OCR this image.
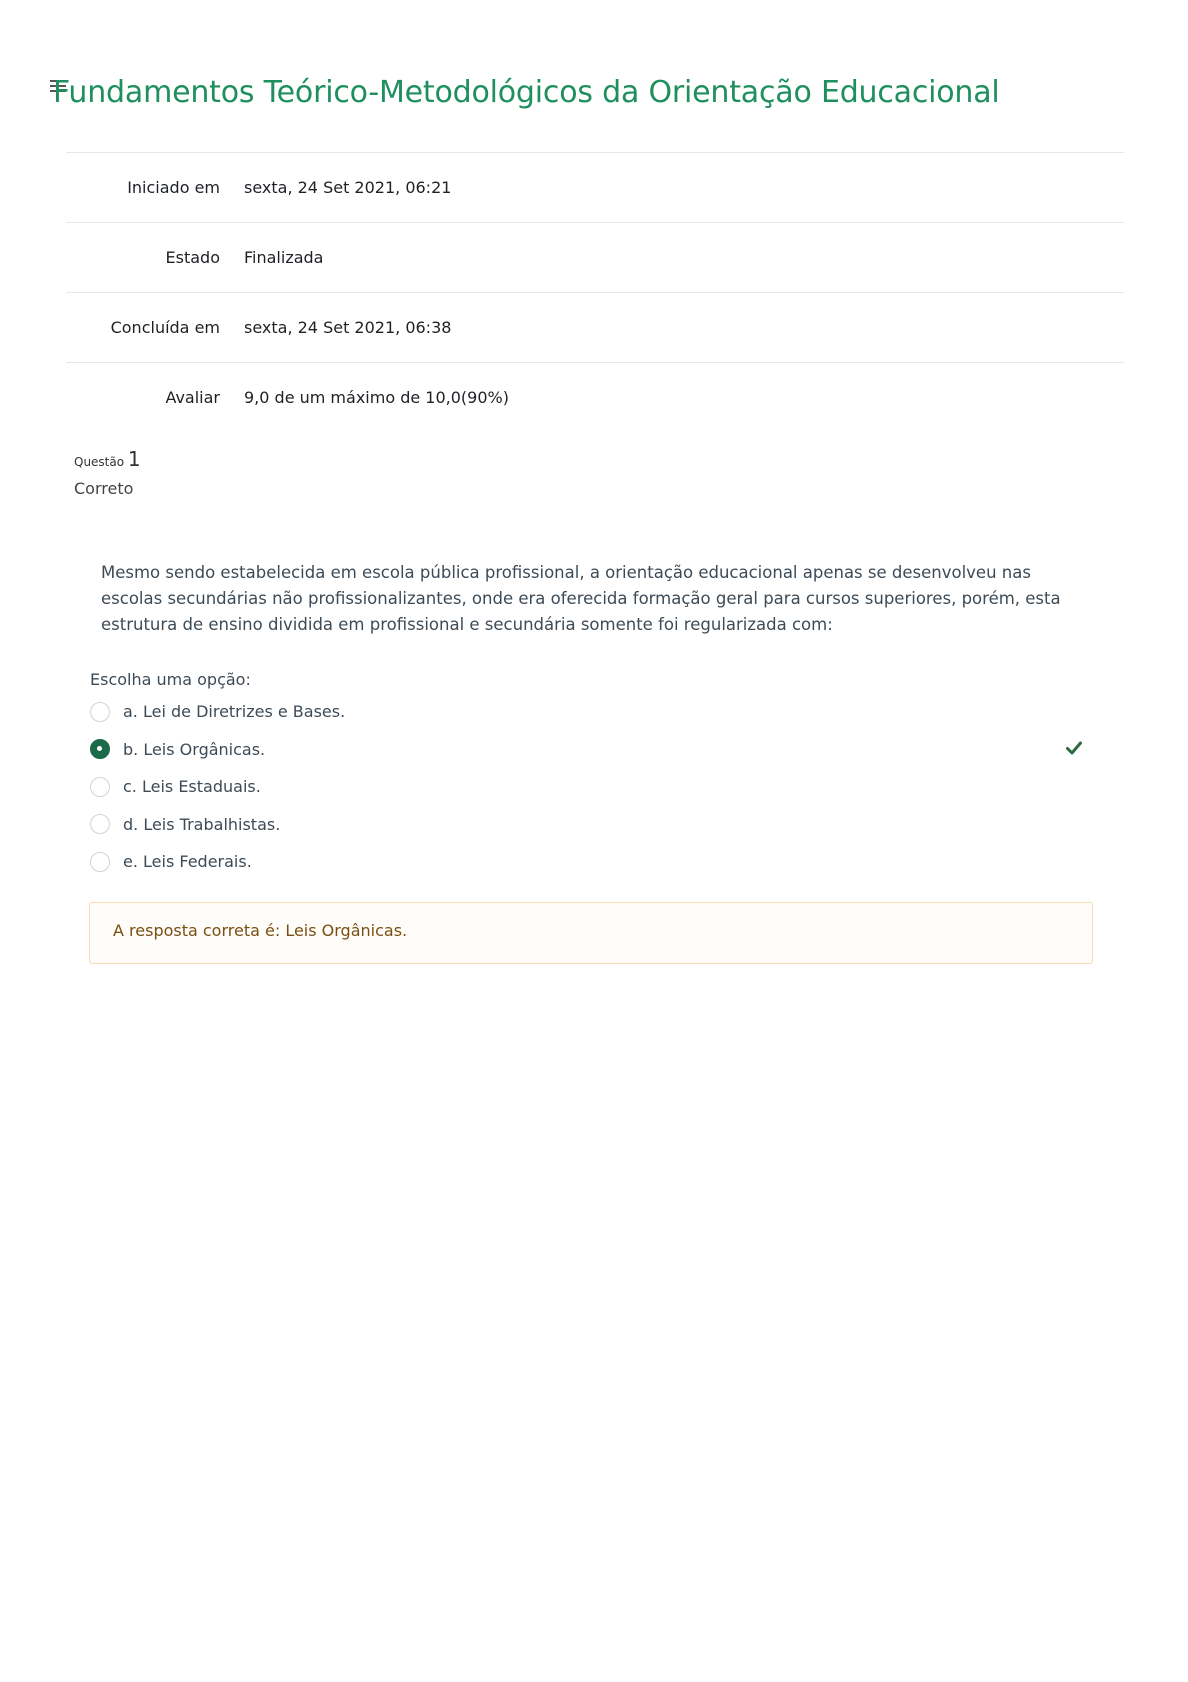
Fundamentos Teórico-Metodológicos da Orientação Educacional
Iniciado em	sexta, 24 Set 2021, 06:21
Estado	Finalizada
Concluída em	sexta, 24 Set 2021, 06:38
Avaliar	9,0 de um máximo de 10,0(90%)
Questão 1
Correto
Mesmo sendo estabelecida em escola pública profissional, a orientação educacional apenas se desenvolveu nas escolas secundárias não profissionalizantes, onde era oferecida formação geral para cursos superiores, porém, esta estrutura de ensino dividida em profissional e secundária somente foi regularizada com:
Escolha uma opção:
a. Lei de Diretrizes e Bases.
b. Leis Orgânicas.
c. Leis Estaduais.
d. Leis Trabalhistas.
e. Leis Federais.
A resposta correta é: Leis Orgânicas.
